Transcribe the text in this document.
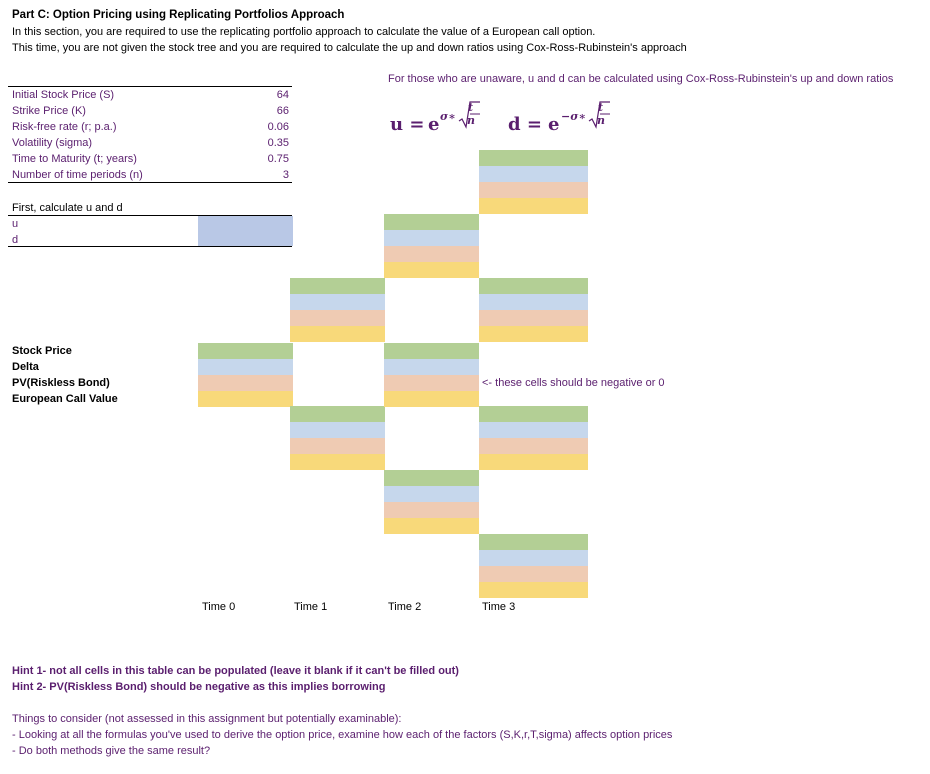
Part C: Option Pricing using Replicating Portfolios Approach
In this section, you are required to use the replicating portfolio approach to calculate the value of a European call option.
This time, you are not given the stock tree and you are required to calculate the up and down ratios using Cox-Ross-Rubinstein's approach
For those who are unaware, u and d can be calculated using Cox-Ross-Rubinstein's up and down ratios
u = e σ∗
t
n d = e −σ∗
t
n
Initial Stock Price (S)	64
Strike Price (K)	66
Risk-free rate (r; p.a.)	0.06
Volatility (sigma)	0.35
Time to Maturity (t; years)	0.75
Number of time periods (n)	3
First, calculate u and d
u
d
Stock Price
Delta
PV(Riskless Bond)
European Call Value
<- these cells should be negative or 0
Time 0	Time 1	Time 2	Time 3
Hint 1- not all cells in this table can be populated (leave it blank if it can't be filled out)
Hint 2- PV(Riskless Bond) should be negative as this implies borrowing
Things to consider (not assessed in this assignment but potentially examinable):
- Looking at all the formulas you've used to derive the option price, examine how each of the factors (S,K,r,T,sigma) affects option prices
- Do both methods give the same result?
